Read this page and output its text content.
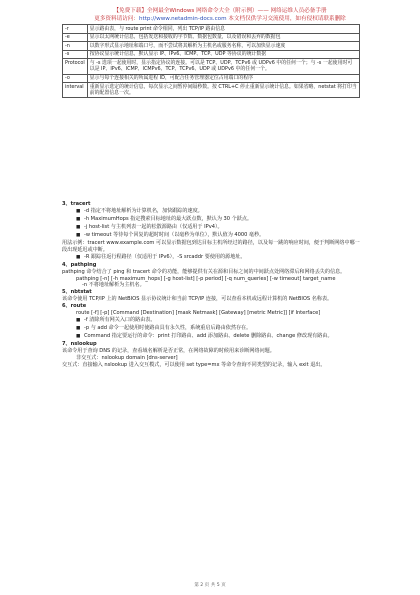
【免费下载】全网最全Windows 网络命令大全（附示例）—— 网络运维人员必备手册
更多资料请访问：http://www.netadmin-docs.com 本文档仅供学习交流使用，如有侵权请联系删除
-r	显示路由表，与 route print 命令相同，列出 TCP/IP 路由信息
-e	显示以太网统计信息，包括发送和接收的字节数、数据包数量，以及错误和丢弃的数据包
-n	以数字形式显示地址和端口号，而不尝试将其解析为主机名或服务名称，可以加快显示速度
-s	按协议显示统计信息，默认显示 IP、IPv6、ICMP、TCP、UDP 等协议的统计数据
Protocol	与 -s 选项一起使用时，显示指定协议的连接。可以是 TCP、UDP、TCPv6 或 UDPv6 中的任何一个；与 -s 一起使用时可以是 IP、IPv6、ICMP、ICMPv6、TCP、TCPv6、UDP 或 UDPv6 中的任何一个。
-o	显示与每个连接相关的所属进程 ID，可配合任务管理器定位占用端口的程序
interval	重新显示选定的统计信息，每次显示之间暂停间隔秒数。按 CTRL+C 停止重新显示统计信息。如果省略，netstat 将打印当前的配置信息一次。

3、tracert

■ -d 指定不将地址解析为计算机名，加快跟踪的速度。

■ -h MaximumHops 指定搜索目标地址的最大跃点数，默认为 30 个跃点。

■ -j host-list 与主机列表一起的松散源路由（仅适用于 IPv4）。

■ -w timeout 等待每个回复的超时时间（以毫秒为单位），默认值为 4000 毫秒。

用法示例：tracert www.example.com 可以显示数据包到达目标主机所经过的路径，以及每一跳的响应时间，便于判断网络中哪一段出现延迟或中断。

■ -R 跟踪往返行程路径（仅适用于 IPv6），-S srcaddr 要使用的源地址。

4、pathping

pathping 命令结合了 ping 和 tracert 命令的功能，能够提供有关在源和目标之间的中间跃点处网络滞后和网络丢失的信息。

pathping [-n] [-h maximum_hops] [-g host-list] [-p period] [-q num_queries] [-w timeout] target_name

-n 不将地址解析为主机名。

5、nbtstat

该命令使用 TCP/IP 上的 NetBIOS 显示协议统计和当前 TCP/IP 连接，可以查看本机或远程计算机的 NetBIOS 名称表。

6、route

route [-f] [-p] [Command [Destination] [mask Netmask] [Gateway] [metric Metric]] [if Interface]

■ -f 清除所有网关入口的路由表。

■ -p 与 add 命令一起使用时使路由具有永久性，系统重启后路由依然存在。

■ Command 指定要运行的命令：print 打印路由、add 添加路由、delete 删除路由、change 修改现有路由。

7、nslookup

该命令用于查询 DNS 的记录，查看域名解析是否正常，在网络故障的时候用来诊断网络问题。

非交互式：nslookup domain [dns-server]

交互式：直接输入 nslookup 进入交互模式，可以使用 set type=mx 等命令查询不同类型的记录，输入 exit 退出。

第 2 页 共 5 页
